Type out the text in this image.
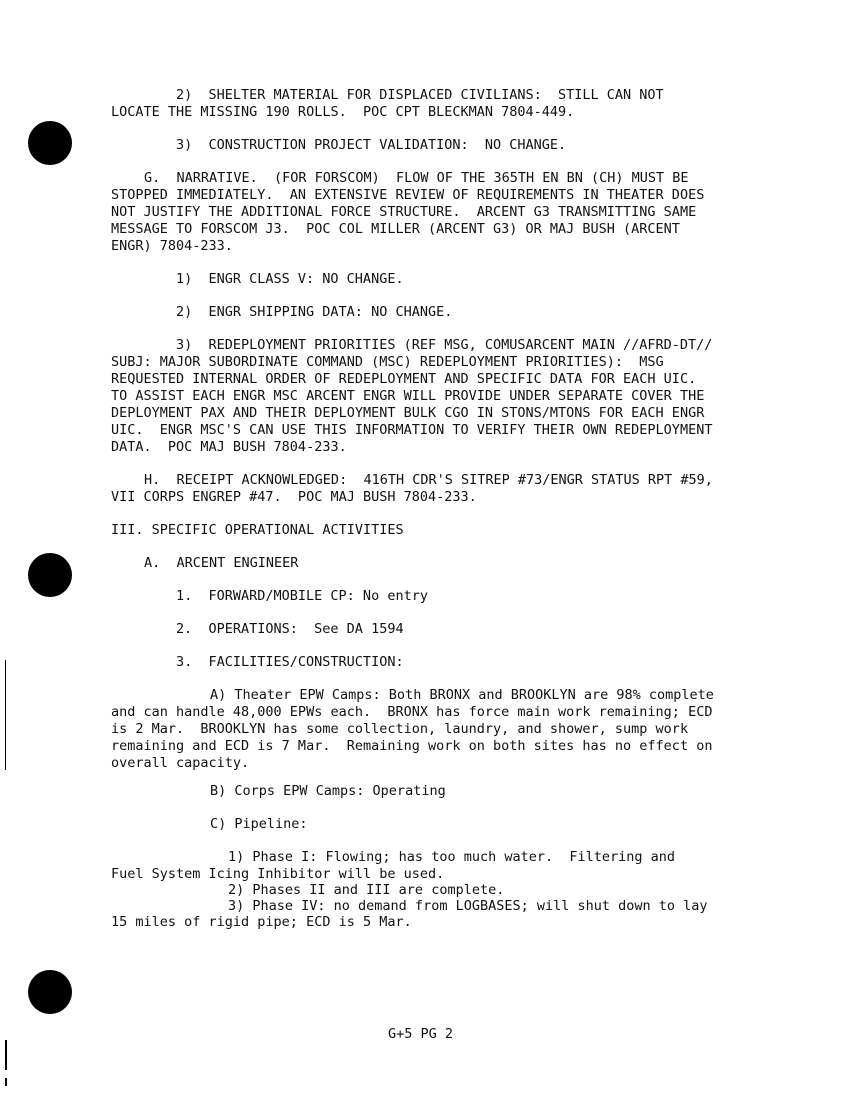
2)  SHELTER MATERIAL FOR DISPLACED CIVILIANS:  STILL CAN NOT
LOCATE THE MISSING 190 ROLLS.  POC CPT BLECKMAN 7804-449.
3)  CONSTRUCTION PROJECT VALIDATION:  NO CHANGE.
G.  NARRATIVE.  (FOR FORSCOM)  FLOW OF THE 365TH EN BN (CH) MUST BE
STOPPED IMMEDIATELY.  AN EXTENSIVE REVIEW OF REQUIREMENTS IN THEATER DOES
NOT JUSTIFY THE ADDITIONAL FORCE STRUCTURE.  ARCENT G3 TRANSMITTING SAME
MESSAGE TO FORSCOM J3.  POC COL MILLER (ARCENT G3) OR MAJ BUSH (ARCENT
ENGR) 7804-233.
1)  ENGR CLASS V: NO CHANGE.
2)  ENGR SHIPPING DATA: NO CHANGE.
3)  REDEPLOYMENT PRIORITIES (REF MSG, COMUSARCENT MAIN //AFRD-DT//
SUBJ: MAJOR SUBORDINATE COMMAND (MSC) REDEPLOYMENT PRIORITIES):  MSG
REQUESTED INTERNAL ORDER OF REDEPLOYMENT AND SPECIFIC DATA FOR EACH UIC.
TO ASSIST EACH ENGR MSC ARCENT ENGR WILL PROVIDE UNDER SEPARATE COVER THE
DEPLOYMENT PAX AND THEIR DEPLOYMENT BULK CGO IN STONS/MTONS FOR EACH ENGR
UIC.  ENGR MSC'S CAN USE THIS INFORMATION TO VERIFY THEIR OWN REDEPLOYMENT
DATA.  POC MAJ BUSH 7804-233.
H.  RECEIPT ACKNOWLEDGED:  416TH CDR'S SITREP #73/ENGR STATUS RPT #59,
VII CORPS ENGREP #47.  POC MAJ BUSH 7804-233.
III. SPECIFIC OPERATIONAL ACTIVITIES
A.  ARCENT ENGINEER
1.  FORWARD/MOBILE CP: No entry
2.  OPERATIONS:  See DA 1594
3.  FACILITIES/CONSTRUCTION:
A) Theater EPW Camps: Both BRONX and BROOKLYN are 98% complete
and can handle 48,000 EPWs each.  BRONX has force main work remaining; ECD
is 2 Mar.  BROOKLYN has some collection, laundry, and shower, sump work
remaining and ECD is 7 Mar.  Remaining work on both sites has no effect on
overall capacity.
B) Corps EPW Camps: Operating
C) Pipeline:
1) Phase I: Flowing; has too much water.  Filtering and
Fuel System Icing Inhibitor will be used.
2) Phases II and III are complete.
3) Phase IV: no demand from LOGBASES; will shut down to lay
15 miles of rigid pipe; ECD is 5 Mar.
G+5 PG 2
